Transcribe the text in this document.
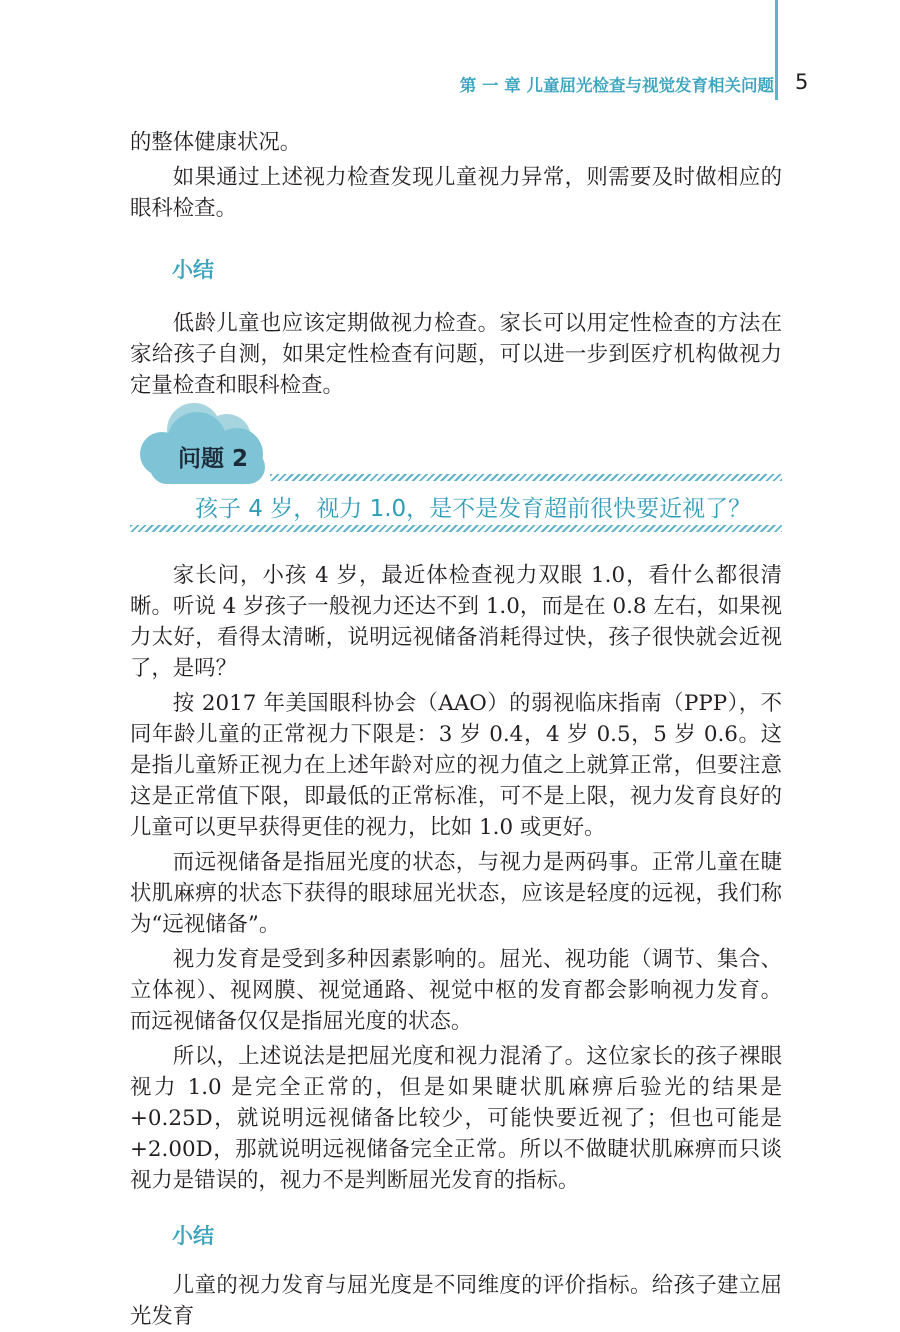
第 一 章 儿童屈光检查与视觉发育相关问题 5

的整体健康状况。

如果通过上述视力检查发现儿童视力异常，则需要及时做相应的眼科检查。

小结

低龄儿童也应该定期做视力检查。家长可以用定性检查的方法在家给孩子自测，如果定性检查有问题，可以进一步到医疗机构做视力定量检查和眼科检查。

问题 2
孩子 4 岁，视力 1.0，是不是发育超前很快要近视了？

家长问，小孩 4 岁，最近体检查视力双眼 1.0，看什么都很清晰。听说 4 岁孩子一般视力还达不到 1.0，而是在 0.8 左右，如果视力太好，看得太清晰，说明远视储备消耗得过快，孩子很快就会近视了，是吗？

按 2017 年美国眼科协会（AAO）的弱视临床指南（PPP），不同年龄儿童的正常视力下限是：3 岁 0.4，4 岁 0.5，5 岁 0.6。这是指儿童矫正视力在上述年龄对应的视力值之上就算正常，但要注意这是正常值下限，即最低的正常标准，可不是上限，视力发育良好的儿童可以更早获得更佳的视力，比如 1.0 或更好。

而远视储备是指屈光度的状态，与视力是两码事。正常儿童在睫状肌麻痹的状态下获得的眼球屈光状态，应该是轻度的远视，我们称为“远视储备”。

视力发育是受到多种因素影响的。屈光、视功能（调节、集合、立体视）、视网膜、视觉通路、视觉中枢的发育都会影响视力发育。而远视储备仅仅是指屈光度的状态。

所以，上述说法是把屈光度和视力混淆了。这位家长的孩子裸眼视力 1.0 是完全正常的，但是如果睫状肌麻痹后验光的结果是 +0.25D，就说明远视储备比较少，可能快要近视了；但也可能是 +2.00D，那就说明远视储备完全正常。所以不做睫状肌麻痹而只谈视力是错误的，视力不是判断屈光发育的指标。

小结

儿童的视力发育与屈光度是不同维度的评价指标。给孩子建立屈光发育
